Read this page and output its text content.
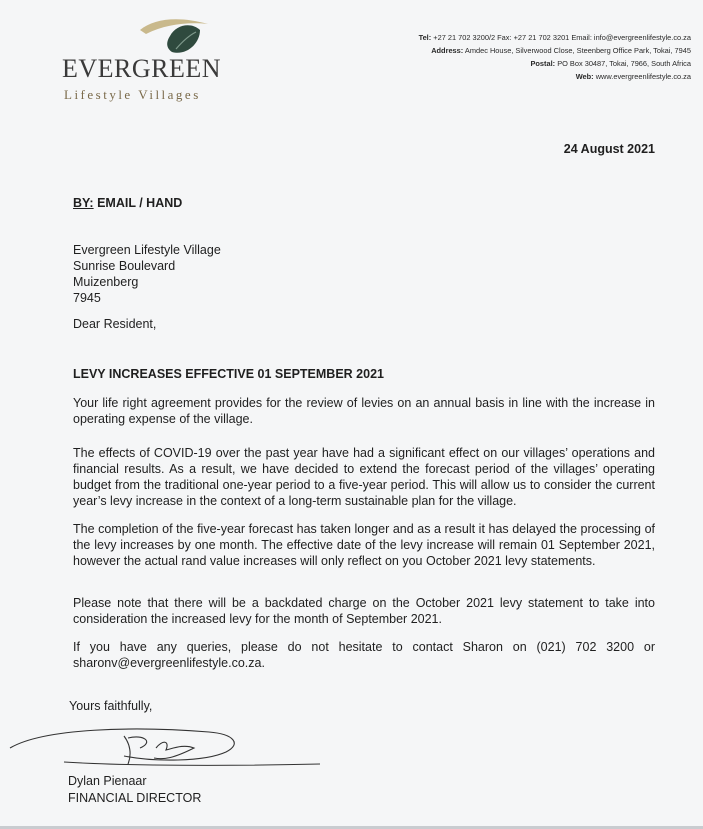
EVERGREEN
Lifestyle Villages
Tel: +27 21 702 3200/2 Fax: +27 21 702 3201 Email: info@evergreenlifestyle.co.za
Address: Amdec House, Silverwood Close, Steenberg Office Park, Tokai, 7945
Postal: PO Box 30487, Tokai, 7966, South Africa
Web: www.evergreenlifestyle.co.za
24 August 2021
BY: EMAIL / HAND
Evergreen Lifestyle Village
Sunrise Boulevard
Muizenberg
7945
Dear Resident,
LEVY INCREASES EFFECTIVE 01 SEPTEMBER 2021
Your life right agreement provides for the review of levies on an annual basis in line with the increase in operating expense of the village.
The effects of COVID-19 over the past year have had a significant effect on our villages’ operations and financial results. As a result, we have decided to extend the forecast period of the villages’ operating budget from the traditional one-year period to a five-year period. This will allow us to consider the current year’s levy increase in the context of a long-term sustainable plan for the village.
The completion of the five-year forecast has taken longer and as a result it has delayed the processing of the levy increases by one month. The effective date of the levy increase will remain 01 September 2021, however the actual rand value increases will only reflect on you October 2021 levy statements.
Please note that there will be a backdated charge on the October 2021 levy statement to take into consideration the increased levy for the month of September 2021.
If you have any queries, please do not hesitate to contact Sharon on (021) 702 3200 or sharonv@evergreenlifestyle.co.za.
Yours faithfully,
Dylan Pienaar
FINANCIAL DIRECTOR
